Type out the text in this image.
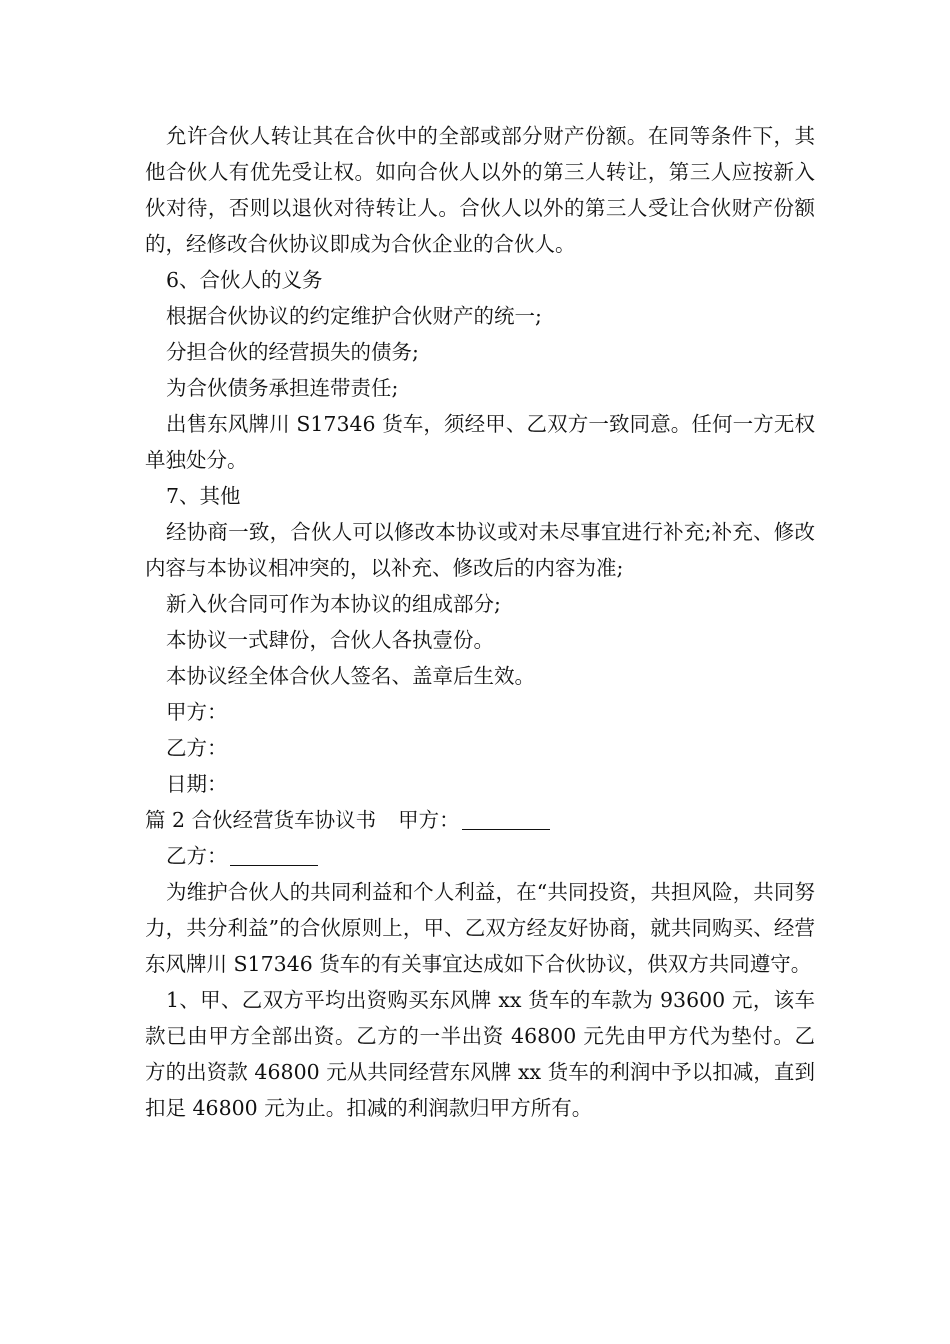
允许合伙人转让其在合伙中的全部或部分财产份额。在同等条件下，其他合伙人有优先受让权。如向合伙人以外的第三人转让，第三人应按新入伙对待，否则以退伙对待转让人。合伙人以外的第三人受让合伙财产份额的，经修改合伙协议即成为合伙企业的合伙人。

6、合伙人的义务

根据合伙协议的约定维护合伙财产的统一;

分担合伙的经营损失的债务;

为合伙债务承担连带责任;

出售东风牌川 S17346 货车，须经甲、乙双方一致同意。任何一方无权单独处分。

7、其他

经协商一致，合伙人可以修改本协议或对未尽事宜进行补充;补充、修改内容与本协议相冲突的，以补充、修改后的内容为准;

新入伙合同可作为本协议的组成部分;

本协议一式肆份，合伙人各执壹份。

本协议经全体合伙人签名、盖章后生效。

甲方：

乙方：

日期：

篇 2 合伙经营货车协议书 甲方：

乙方：

为维护合伙人的共同利益和个人利益，在“共同投资，共担风险，共同努力，共分利益”的合伙原则上，甲、乙双方经友好协商，就共同购买、经营东风牌川 S17346 货车的有关事宜达成如下合伙协议，供双方共同遵守。

1、甲、乙双方平均出资购买东风牌 xx 货车的车款为 93600 元，该车款已由甲方全部出资。乙方的一半出资 46800 元先由甲方代为垫付。乙方的出资款 46800 元从共同经营东风牌 xx 货车的利润中予以扣减，直到扣足 46800 元为止。扣减的利润款归甲方所有。
